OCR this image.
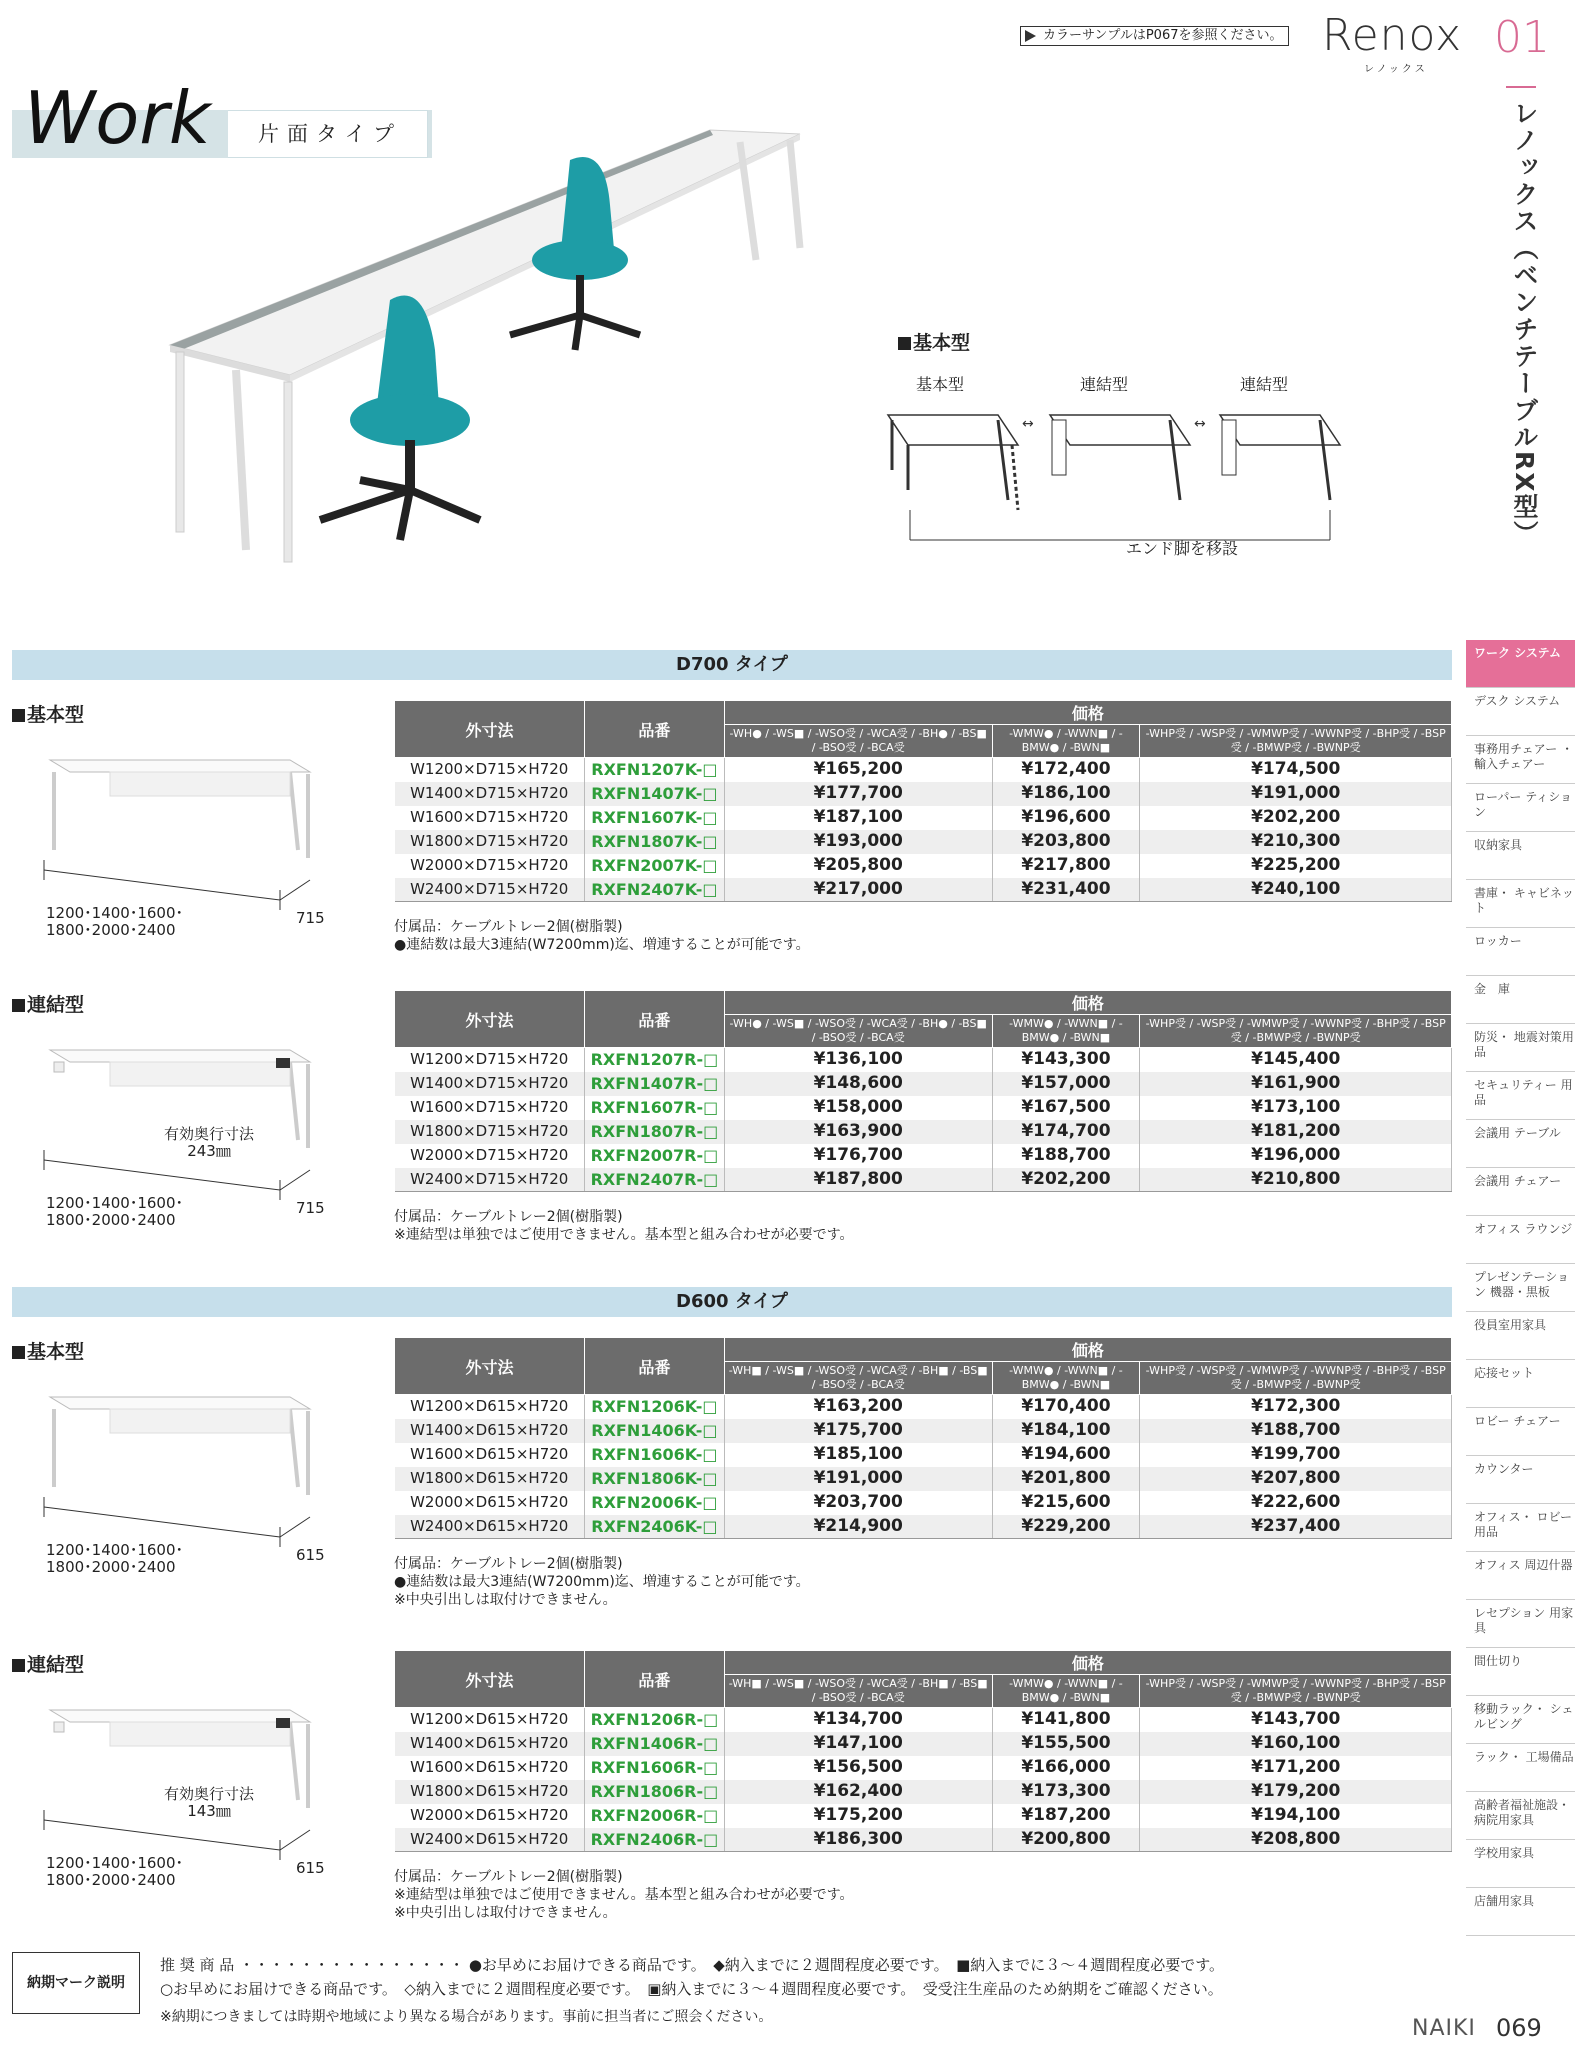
カラーサンプルはP067を参照ください。 Renox
レノックス
01
レノックス（ベンチテーブルRX型）
Work	片面タイプ
基本型
基本型	連結型	連結型
↔	↔
エンド脚を移設
ワーク システム
デスク システム
事務用チェアー ・輸入チェアー
ローパー ティション
収納家具
書庫・ キャビネット
ロッカー
金　庫
防災・ 地震対策用品
セキュリティー 用品
会議用 テーブル
会議用 チェアー
オフィス ラウンジ
プレゼンテーション 機器・黒板
役員室用家具
応接セット
ロビー チェアー
カウンター
オフィス・ ロビー用品
オフィス 周辺什器
レセプション 用家具
間仕切り
移動ラック・ シェルビング
ラック・ 工場備品
高齢者福祉施設・ 病院用家具
学校用家具
店舗用家具
D700 タイプ
基本型
1200･1400･1600･
1800･2000･2400
715
外寸法	品番	価格		
		-WH● / -WS■ / -WSO受 / -WCA受 / -BH● / -BS■ / -BSO受 / -BCA受	-WMW● / -WWN■ / -BMW● / -BWN■	-WHP受 / -WSP受 / -WMWP受 / -WWNP受 / -BHP受 / -BSP受 / -BMWP受 / -BWNP受
W1200×D715×H720	RXFN1207K-□	¥165,200	¥172,400	¥174,500
W1400×D715×H720	RXFN1407K-□	¥177,700	¥186,100	¥191,000
W1600×D715×H720	RXFN1607K-□	¥187,100	¥196,600	¥202,200
W1800×D715×H720	RXFN1807K-□	¥193,000	¥203,800	¥210,300
W2000×D715×H720	RXFN2007K-□	¥205,800	¥217,800	¥225,200
W2400×D715×H720	RXFN2407K-□	¥217,000	¥231,400	¥240,100
付属品：ケーブルトレー2個(樹脂製)
●連結数は最大3連結(W7200mm)迄、増連することが可能です。
連結型
1200･1400･1600･
1800･2000･2400
715
有効奥行寸法
243㎜
外寸法	品番	価格		
		-WH● / -WS■ / -WSO受 / -WCA受 / -BH● / -BS■ / -BSO受 / -BCA受	-WMW● / -WWN■ / -BMW● / -BWN■	-WHP受 / -WSP受 / -WMWP受 / -WWNP受 / -BHP受 / -BSP受 / -BMWP受 / -BWNP受
W1200×D715×H720	RXFN1207R-□	¥136,100	¥143,300	¥145,400
W1400×D715×H720	RXFN1407R-□	¥148,600	¥157,000	¥161,900
W1600×D715×H720	RXFN1607R-□	¥158,000	¥167,500	¥173,100
W1800×D715×H720	RXFN1807R-□	¥163,900	¥174,700	¥181,200
W2000×D715×H720	RXFN2007R-□	¥176,700	¥188,700	¥196,000
W2400×D715×H720	RXFN2407R-□	¥187,800	¥202,200	¥210,800
付属品：ケーブルトレー2個(樹脂製)
※連結型は単独ではご使用できません。基本型と組み合わせが必要です。
D600 タイプ
基本型
1200･1400･1600･
1800･2000･2400
615
外寸法	品番	価格		
		-WH■ / -WS■ / -WSO受 / -WCA受 / -BH■ / -BS■ / -BSO受 / -BCA受	-WMW● / -WWN■ / -BMW● / -BWN■	-WHP受 / -WSP受 / -WMWP受 / -WWNP受 / -BHP受 / -BSP受 / -BMWP受 / -BWNP受
W1200×D615×H720	RXFN1206K-□	¥163,200	¥170,400	¥172,300
W1400×D615×H720	RXFN1406K-□	¥175,700	¥184,100	¥188,700
W1600×D615×H720	RXFN1606K-□	¥185,100	¥194,600	¥199,700
W1800×D615×H720	RXFN1806K-□	¥191,000	¥201,800	¥207,800
W2000×D615×H720	RXFN2006K-□	¥203,700	¥215,600	¥222,600
W2400×D615×H720	RXFN2406K-□	¥214,900	¥229,200	¥237,400
付属品：ケーブルトレー2個(樹脂製)
●連結数は最大3連結(W7200mm)迄、増連することが可能です。
※中央引出しは取付けできません。
連結型
1200･1400･1600･
1800･2000･2400
615
有効奥行寸法
143㎜
外寸法	品番	価格		
		-WH■ / -WS■ / -WSO受 / -WCA受 / -BH■ / -BS■ / -BSO受 / -BCA受	-WMW● / -WWN■ / -BMW● / -BWN■	-WHP受 / -WSP受 / -WMWP受 / -WWNP受 / -BHP受 / -BSP受 / -BMWP受 / -BWNP受
W1200×D615×H720	RXFN1206R-□	¥134,700	¥141,800	¥143,700
W1400×D615×H720	RXFN1406R-□	¥147,100	¥155,500	¥160,100
W1600×D615×H720	RXFN1606R-□	¥156,500	¥166,000	¥171,200
W1800×D615×H720	RXFN1806R-□	¥162,400	¥173,300	¥179,200
W2000×D615×H720	RXFN2006R-□	¥175,200	¥187,200	¥194,100
W2400×D615×H720	RXFN2406R-□	¥186,300	¥200,800	¥208,800
付属品：ケーブルトレー2個(樹脂製)
※連結型は単独ではご使用できません。基本型と組み合わせが必要です。
※中央引出しは取付けできません。
納期マーク説明
推 奨 商 品 ・・・・・・・・・・・・・・・ ●お早めにお届けできる商品です。　◆納入までに２週間程度必要です。　■納入までに３～４週間程度必要です。
○お早めにお届けできる商品です。　◇納入までに２週間程度必要です。　▣納入までに３～４週間程度必要です。　受受注生産品のため納期をご確認ください。
※納期につきましては時期や地域により異なる場合があります。事前に担当者にご照会ください。	NAIKI 069
